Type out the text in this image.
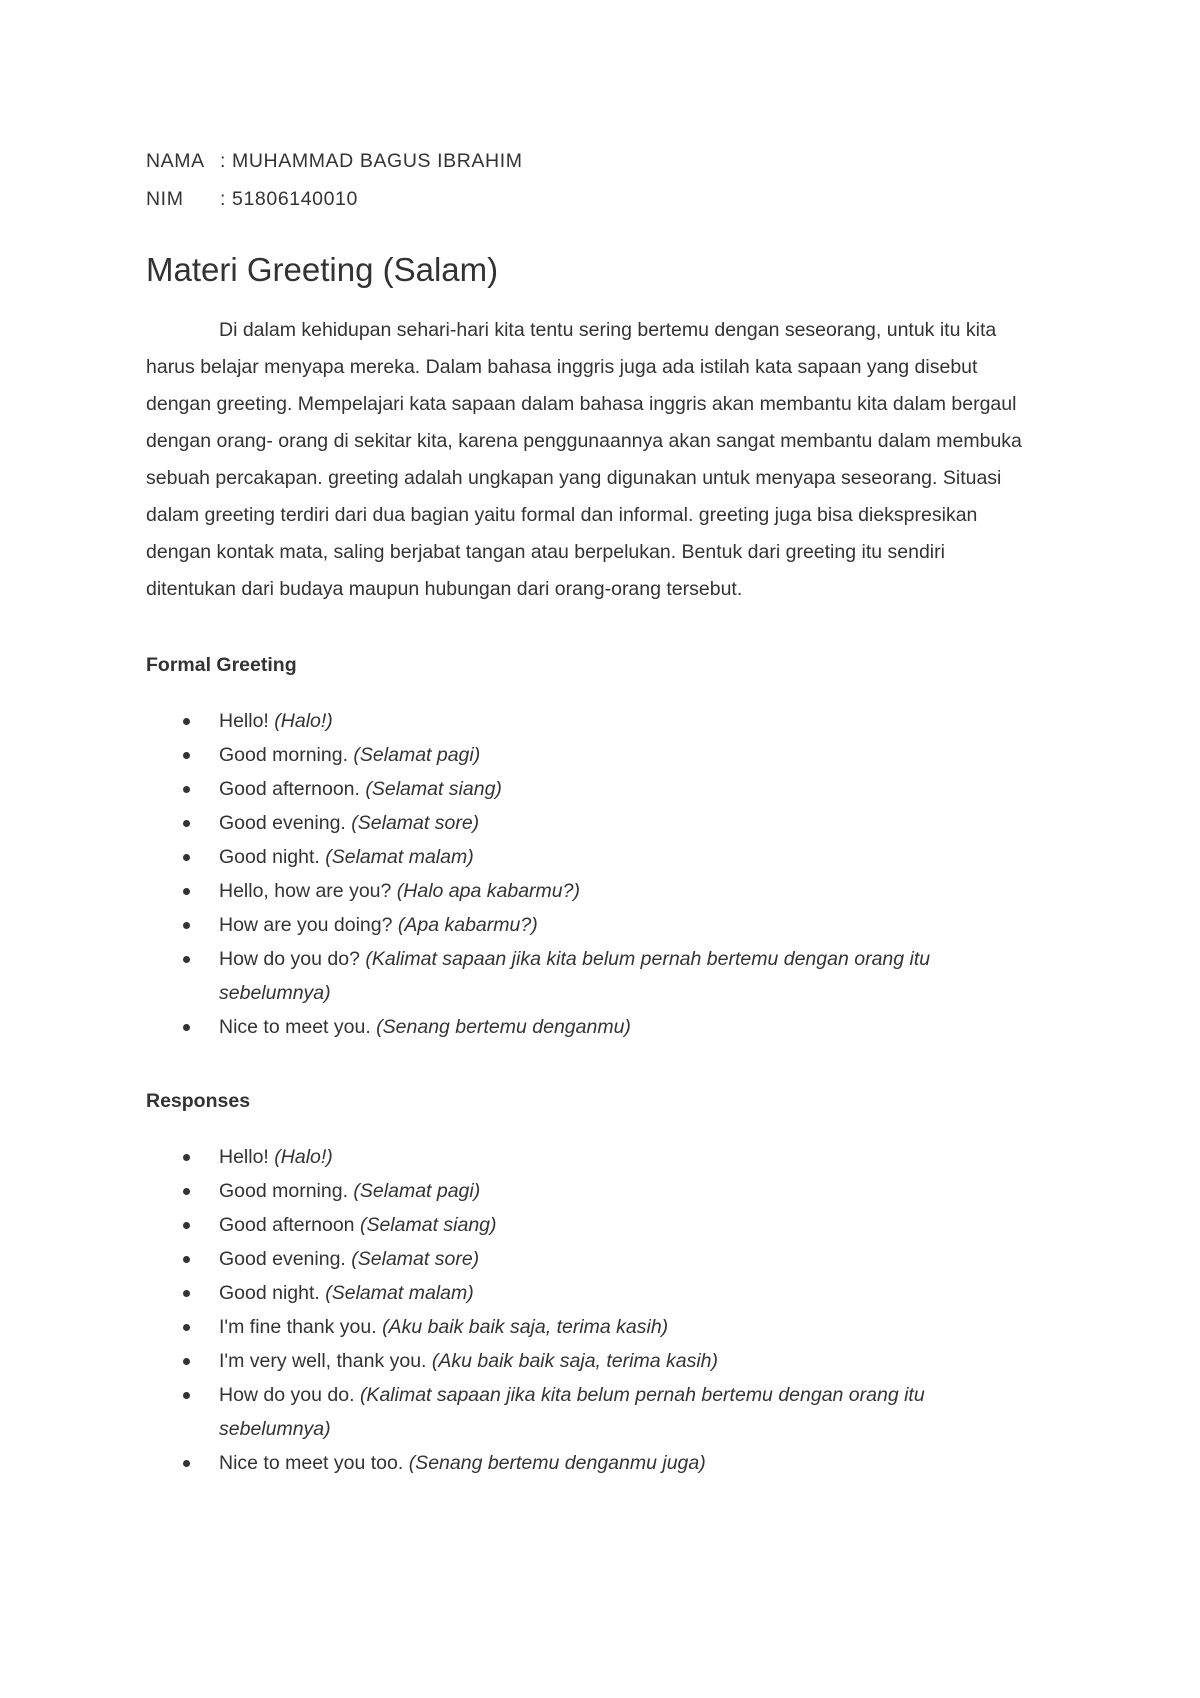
NAMA : MUHAMMAD BAGUS IBRAHIM
NIM : 51806140010
Materi Greeting (Salam)

Di dalam kehidupan sehari-hari kita tentu sering bertemu dengan seseorang, untuk itu kita harus belajar menyapa mereka. Dalam bahasa inggris juga ada istilah kata sapaan yang disebut dengan greeting. Mempelajari kata sapaan dalam bahasa inggris akan membantu kita dalam bergaul dengan orang- orang di sekitar kita, karena penggunaannya akan sangat membantu dalam membuka sebuah percakapan. greeting adalah ungkapan yang digunakan untuk menyapa seseorang. Situasi dalam greeting terdiri dari dua bagian yaitu formal dan informal. greeting juga bisa diekspresikan dengan kontak mata, saling berjabat tangan atau berpelukan. Bentuk dari greeting itu sendiri ditentukan dari budaya maupun hubungan dari orang-orang tersebut.

Formal Greeting
Hello! (Halo!)
Good morning. (Selamat pagi)
Good afternoon. (Selamat siang)
Good evening. (Selamat sore)
Good night. (Selamat malam)
Hello, how are you? (Halo apa kabarmu?)
How are you doing? (Apa kabarmu?)
How do you do? (Kalimat sapaan jika kita belum pernah bertemu dengan orang itu sebelumnya)
Nice to meet you. (Senang bertemu denganmu)
Responses
Hello! (Halo!)
Good morning. (Selamat pagi)
Good afternoon (Selamat siang)
Good evening. (Selamat sore)
Good night. (Selamat malam)
I'm fine thank you. (Aku baik baik saja, terima kasih)
I'm very well, thank you. (Aku baik baik saja, terima kasih)
How do you do. (Kalimat sapaan jika kita belum pernah bertemu dengan orang itu sebelumnya)
Nice to meet you too. (Senang bertemu denganmu juga)
